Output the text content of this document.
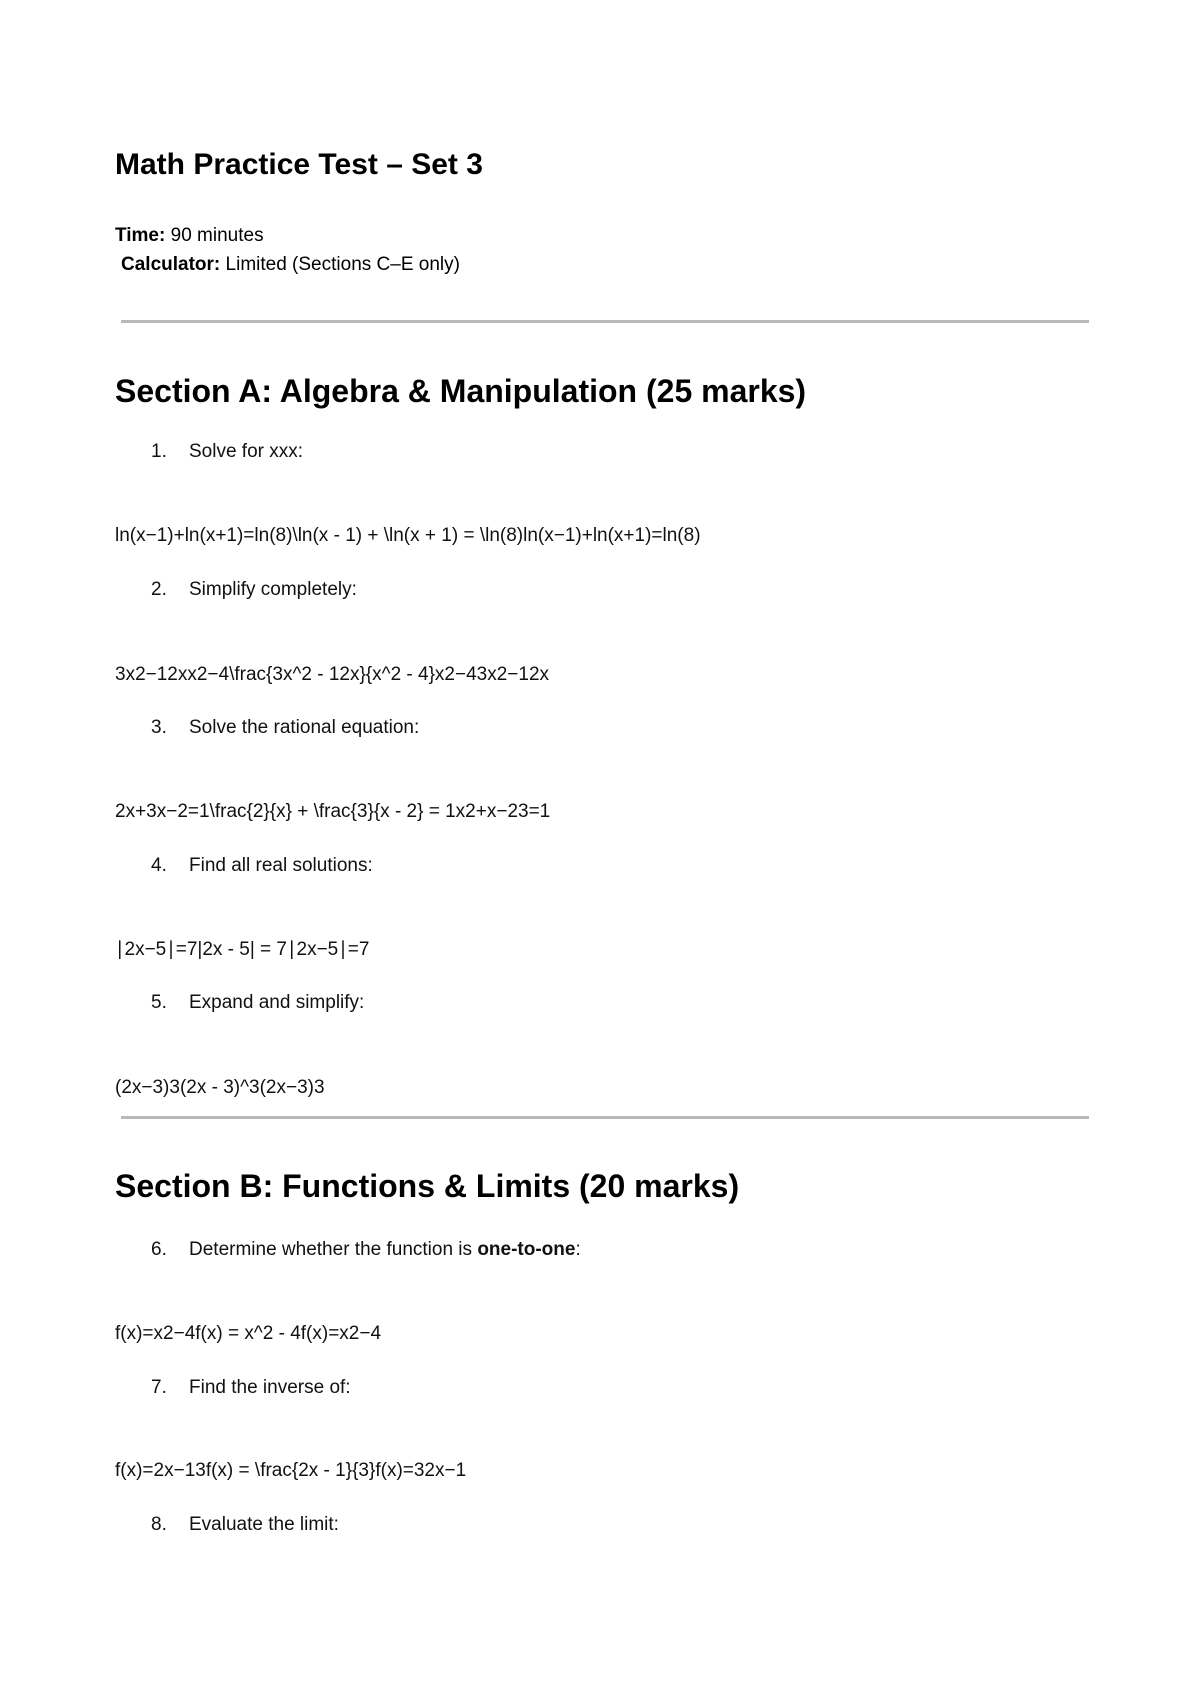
Math Practice Test – Set 3
Time: 90 minutes
Calculator: Limited (Sections C–E only)
Section A: Algebra & Manipulation (25 marks)
1. Solve for xxx:
ln(x−1)+ln(x+1)=ln(8)\ln(x - 1) + \ln(x + 1) = \ln(8)ln(x−1)+ln(x+1)=ln(8)
2. Simplify completely:
3x2−12xx2−4\frac{3x^2 - 12x}{x^2 - 4}x2−43x2−12x
3. Solve the rational equation:
2x+3x−2=1\frac{2}{x} + \frac{3}{x - 2} = 1x2+x−23=1
4. Find all real solutions:
∣2x−5∣=7|2x - 5| = 7∣2x−5∣=7
5. Expand and simplify:
(2x−3)3(2x - 3)^3(2x−3)3
Section B: Functions & Limits (20 marks)
6. Determine whether the function is one-to-one:
f(x)=x2−4f(x) = x^2 - 4f(x)=x2−4
7. Find the inverse of:
f(x)=2x−13f(x) = \frac{2x - 1}{3}f(x)=32x−1
8. Evaluate the limit:
